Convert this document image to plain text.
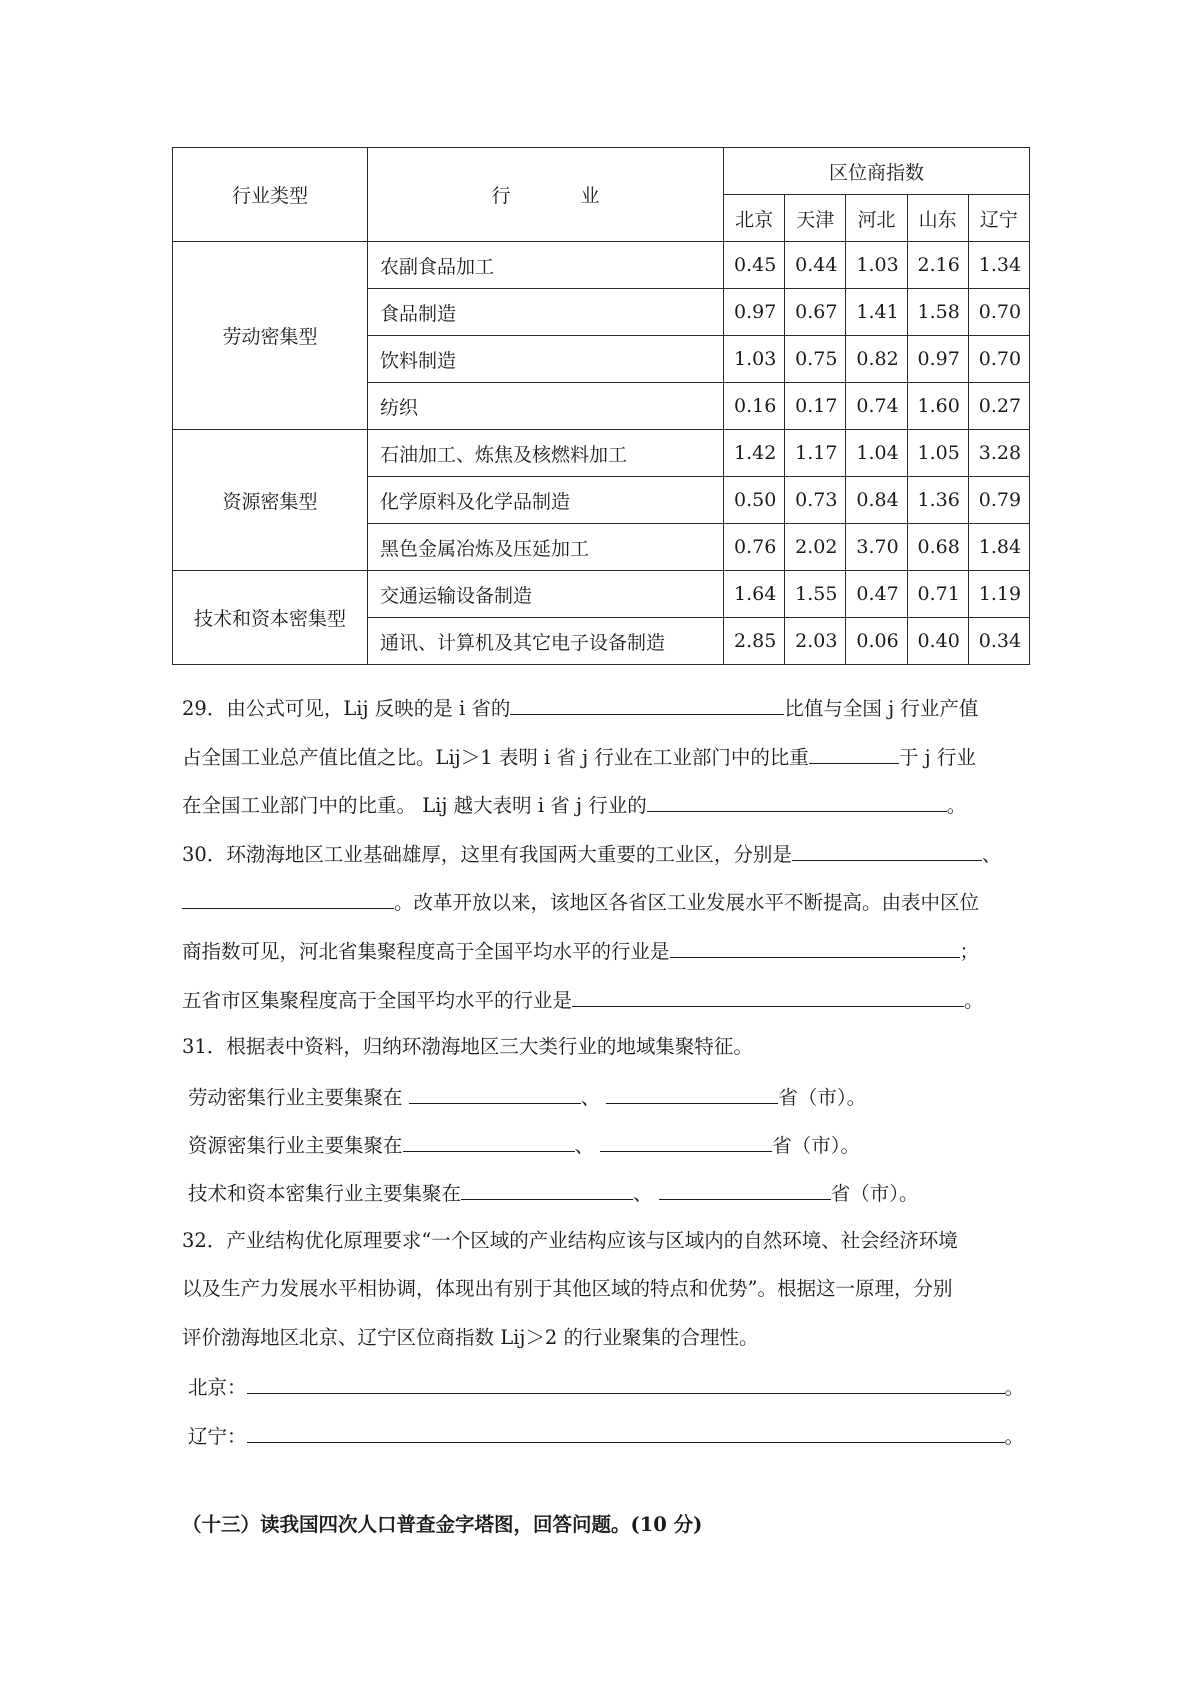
行业类型	行 业	区位商指数				
		北京	天津	河北	山东	辽宁
劳动密集型	农副食品加工	0.45	0.44	1.03	2.16	1.34
	食品制造	0.97	0.67	1.41	1.58	0.70
	饮料制造	1.03	0.75	0.82	0.97	0.70
	纺织	0.16	0.17	0.74	1.60	0.27
资源密集型	石油加工、炼焦及核燃料加工	1.42	1.17	1.04	1.05	3.28
	化学原料及化学品制造	0.50	0.73	0.84	1.36	0.79
	黑色金属冶炼及压延加工	0.76	2.02	3.70	0.68	1.84
技术和资本密集型	交通运输设备制造	1.64	1.55	0.47	0.71	1.19
	通讯、计算机及其它电子设备制造	2.85	2.03	0.06	0.40	0.34
29．由公式可见，Lij 反映的是 i 省的	比值与全国 j 行业产值
占全国工业总产值比值之比。Lij＞1 表明 i 省 j 行业在工业部门中的比重	于 j 行业
在全国工业部门中的比重。 Lij 越大表明 i 省 j 行业的	。
30．环渤海地区工业基础雄厚，这里有我国两大重要的工业区，分别是	、
。改革开放以来，该地区各省区工业发展水平不断提高。由表中区位
商指数可见，河北省集聚程度高于全国平均水平的行业是	；
五省市区集聚程度高于全国平均水平的行业是	。
31．根据表中资料，归纳环渤海地区三大类行业的地域集聚特征。
劳动密集行业主要集聚在	、	省（市）。
资源密集行业主要集聚在	、	省（市）。
技术和资本密集行业主要集聚在	、	省（市）。
32．产业结构优化原理要求“一个区域的产业结构应该与区域内的自然环境、社会经济环境
以及生产力发展水平相协调，体现出有别于其他区域的特点和优势”。根据这一原理，分别
评价渤海地区北京、辽宁区位商指数 Lij＞2 的行业聚集的合理性。
北京：	。
辽宁：	。
（十三）读我国四次人口普查金字塔图，回答问题。(10 分)
